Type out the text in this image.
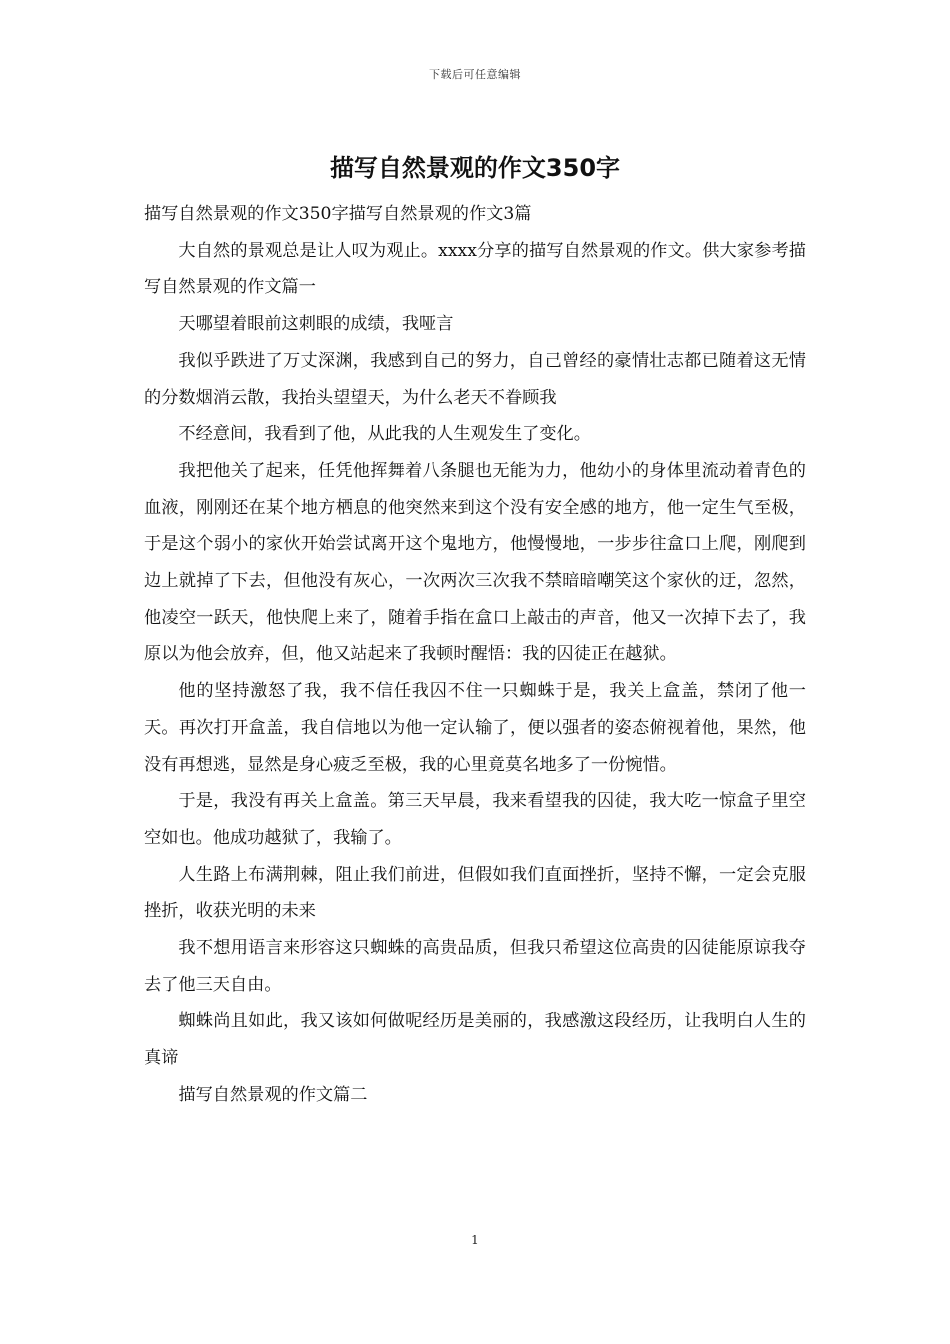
下载后可任意编辑
描写自然景观的作文350字

描写自然景观的作文350字描写自然景观的作文3篇

大自然的景观总是让人叹为观止。xxxx分享的描写自然景观的作文。供大家参考描写自然景观的作文篇一

天哪望着眼前这刺眼的成绩，我哑言

我似乎跌进了万丈深渊，我感到自己的努力，自己曾经的豪情壮志都已随着这无情的分数烟消云散，我抬头望望天，为什么老天不眷顾我

不经意间，我看到了他，从此我的人生观发生了变化。

我把他关了起来，任凭他挥舞着八条腿也无能为力，他幼小的身体里流动着青色的血液，刚刚还在某个地方栖息的他突然来到这个没有安全感的地方，他一定生气至极，于是这个弱小的家伙开始尝试离开这个鬼地方，他慢慢地，一步步往盒口上爬，刚爬到边上就掉了下去，但他没有灰心，一次两次三次我不禁暗暗嘲笑这个家伙的迂，忽然，他凌空一跃天，他快爬上来了，随着手指在盒口上敲击的声音，他又一次掉下去了，我原以为他会放弃，但，他又站起来了我顿时醒悟：我的囚徒正在越狱。

他的坚持激怒了我，我不信任我囚不住一只蜘蛛于是，我关上盒盖，禁闭了他一天。再次打开盒盖，我自信地以为他一定认输了，便以强者的姿态俯视着他，果然，他没有再想逃，显然是身心疲乏至极，我的心里竟莫名地多了一份惋惜。

于是，我没有再关上盒盖。第三天早晨，我来看望我的囚徒，我大吃一惊盒子里空空如也。他成功越狱了，我输了。

人生路上布满荆棘，阻止我们前进，但假如我们直面挫折，坚持不懈，一定会克服挫折，收获光明的未来

我不想用语言来形容这只蜘蛛的高贵品质，但我只希望这位高贵的囚徒能原谅我夺去了他三天自由。

蜘蛛尚且如此，我又该如何做呢经历是美丽的，我感激这段经历，让我明白人生的真谛

描写自然景观的作文篇二

1
